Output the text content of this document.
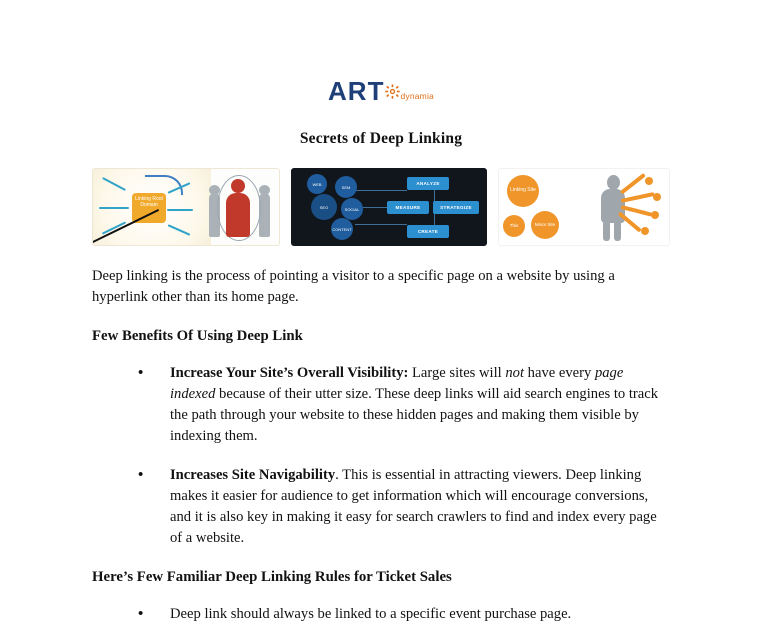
ART $_{dynamia}$
Secrets of Deep Linking
Linking Root Domain	SEO
SEM
SOCIAL
CONTENT
WEB	ANALYZE
MEASURE	STRATEGIZE
CREATE
Linking Site
This	Minor Site
Deep linking is the process of pointing a visitor to a specific page on a website by using a hyperlink other than its home page.
Few Benefits Of Using Deep Link
• Increase Your Site’s Overall Visibility: Large sites will not have every page indexed because of their utter size. These deep links will aid search engines to track the path through your website to these hidden pages and making them visible by indexing them.
• Increases Site Navigability. This is essential in attracting viewers. Deep linking makes it easier for audience to get information which will encourage conversions, and it is also key in making it easy for search crawlers to find and index every page of a website.
Here’s Few Familiar Deep Linking Rules for Ticket Sales
• Deep link should always be linked to a specific event purchase page.
